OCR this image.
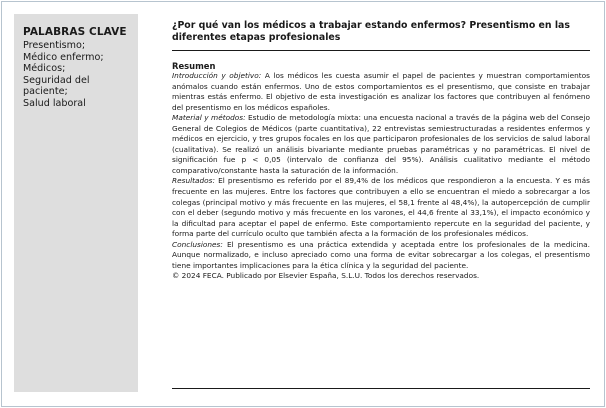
PALABRAS CLAVE
Presentismo;
Médico enfermo;
Médicos;
Seguridad del
paciente;
Salud laboral
¿Por qué van los médicos a trabajar estando enfermos? Presentismo en las diferentes etapas profesionales
Resumen
Introducción y objetivo: A los médicos les cuesta asumir el papel de pacientes y muestran comportamientos anómalos cuando están enfermos. Uno de estos comportamientos es el presentismo, que consiste en trabajar mientras estás enfermo. El objetivo de esta investigación es analizar los factores que contribuyen al fenómeno del presentismo en los médicos españoles.
Material y métodos: Estudio de metodología mixta: una encuesta nacional a través de la página web del Consejo General de Colegios de Médicos (parte cuantitativa), 22 entrevistas semiestructuradas a residentes enfermos y médicos en ejercicio, y tres grupos focales en los que participaron profesionales de los servicios de salud laboral (cualitativa). Se realizó un análisis bivariante mediante pruebas paramétricas y no paramétricas. El nivel de significación fue p < 0,05 (intervalo de confianza del 95%). Análisis cualitativo mediante el método comparativo/constante hasta la saturación de la información.
Resultados: El presentismo es referido por el 89,4% de los médicos que respondieron a la encuesta. Y es más frecuente en las mujeres. Entre los factores que contribuyen a ello se encuentran el miedo a sobrecargar a los colegas (principal motivo y más frecuente en las mujeres, el 58,1 frente al 48,4%), la autopercepción de cumplir con el deber (segundo motivo y más frecuente en los varones, el 44,6 frente al 33,1%), el impacto económico y la dificultad para aceptar el papel de enfermo. Este comportamiento repercute en la seguridad del paciente, y forma parte del currículo oculto que también afecta a la formación de los profesionales médicos.
Conclusiones: El presentismo es una práctica extendida y aceptada entre los profesionales de la medicina. Aunque normalizado, e incluso apreciado como una forma de evitar sobrecargar a los colegas, el presentismo tiene importantes implicaciones para la ética clínica y la seguridad del paciente.
© 2024 FECA. Publicado por Elsevier España, S.L.U. Todos los derechos reservados.
